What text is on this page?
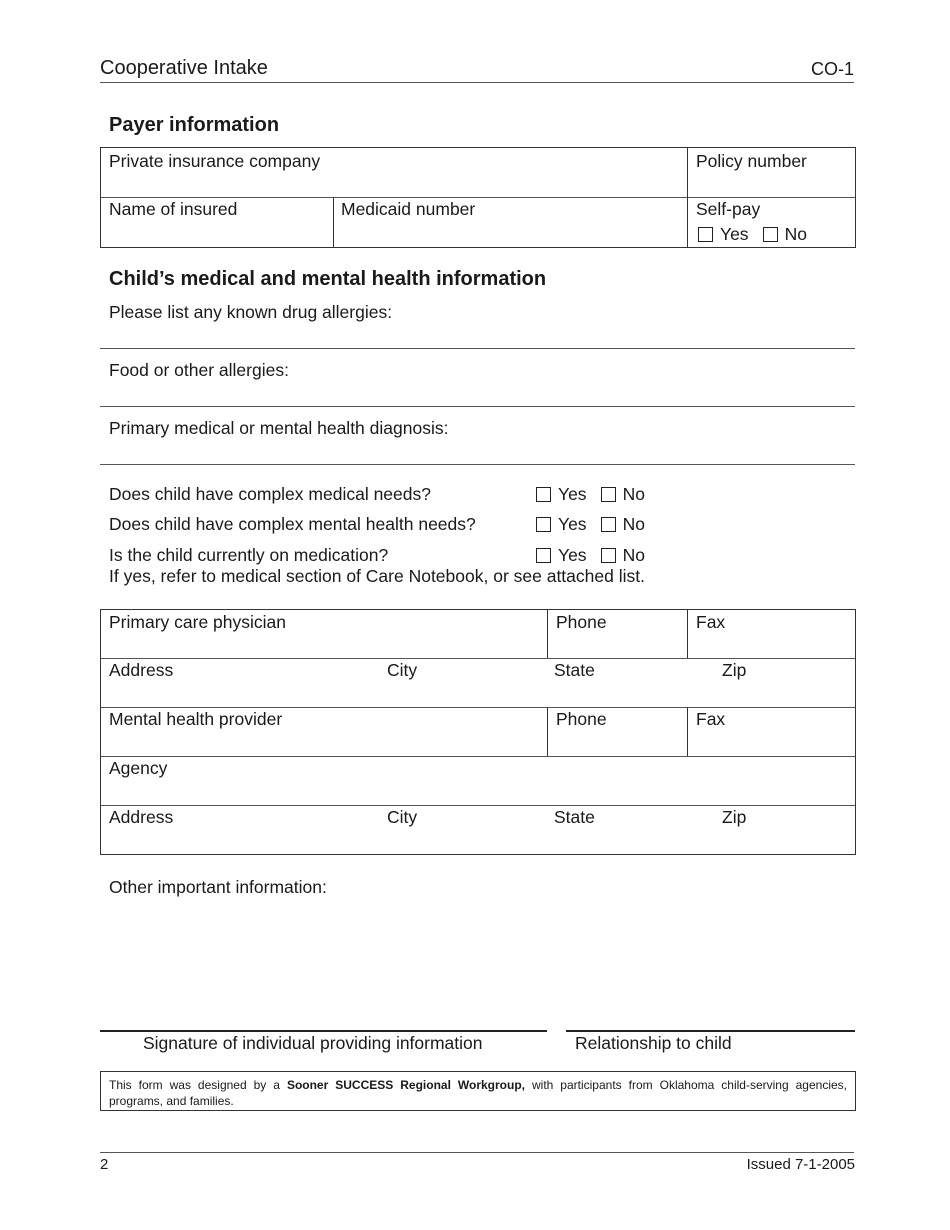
Cooperative Intake	CO-1
Payer information
Private insurance company	Policy number
Name of insured	Medicaid number	Self-pay
Yes No
Child’s medical and mental health information
Please list any known drug allergies:
Food or other allergies:
Primary medical or mental health diagnosis:
Does child have complex medical needs?	Yes No
Does child have complex mental health needs?	Yes No
Is the child currently on medication?	Yes No
If yes, refer to medical section of Care Notebook, or see attached list.
Primary care physician	Phone	Fax
Address	City	State	Zip
Mental health provider	Phone	Fax
Agency
Address	City	State	Zip
Other important information:
Signature of individual providing information	Relationship to child
This form was designed by a Sooner SUCCESS Regional Workgroup, with participants from Oklahoma child-serving agencies, programs, and families.
2	Issued 7-1-2005
